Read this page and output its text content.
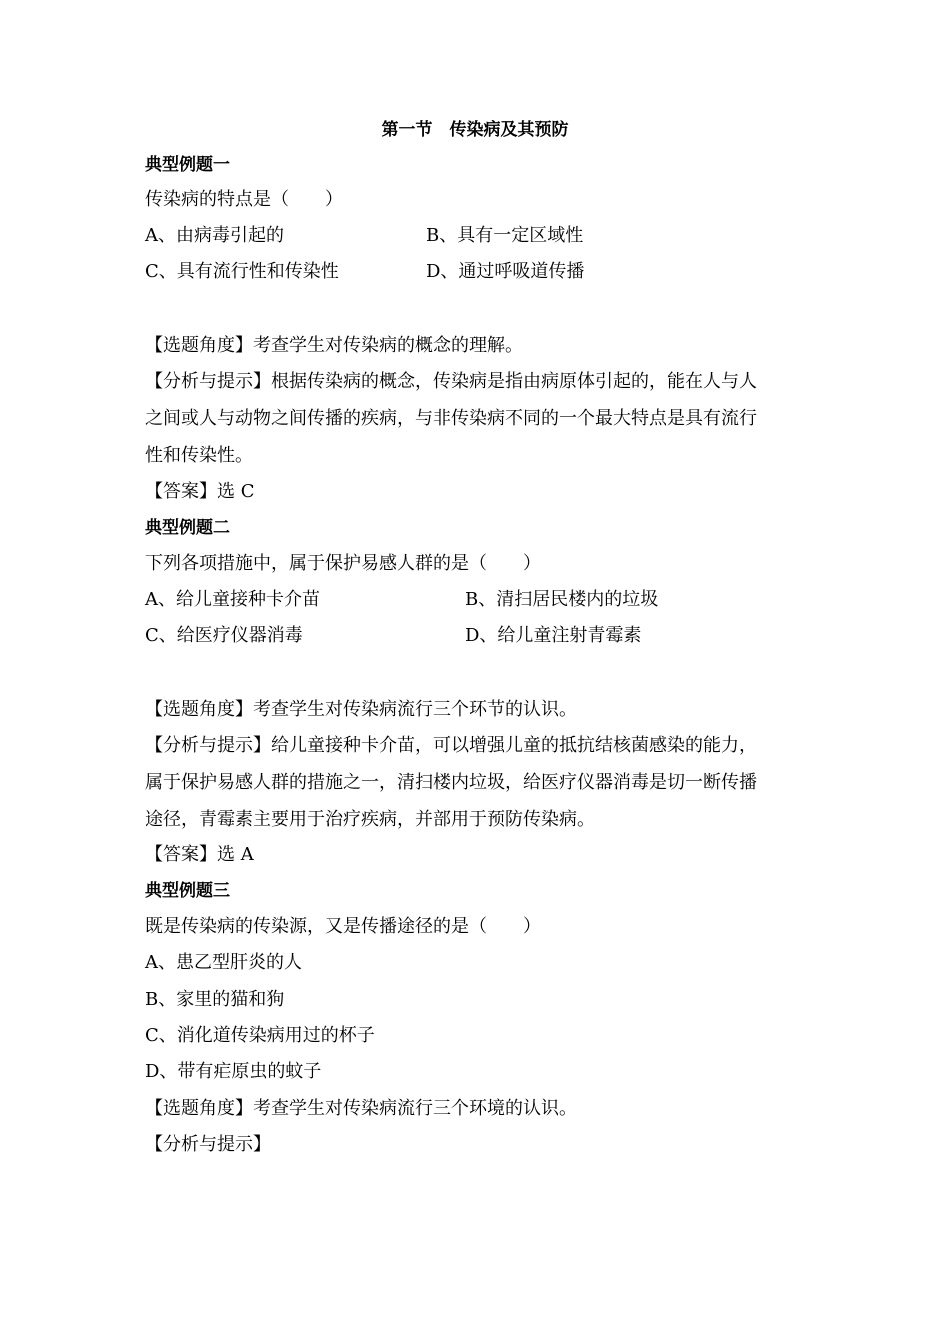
第一节　传染病及其预防
典型例题一
传染病的特点是（　　）
A、由病毒引起的	B、具有一定区域性
C、具有流行性和传染性	D、通过呼吸道传播
【选题角度】考查学生对传染病的概念的理解。
【分析与提示】根据传染病的概念，传染病是指由病原体引起的，能在人与人
之间或人与动物之间传播的疾病，与非传染病不同的一个最大特点是具有流行
性和传染性。
【答案】选 C
典型例题二
下列各项措施中，属于保护易感人群的是（　　）
A、给儿童接种卡介苗	B、清扫居民楼内的垃圾
C、给医疗仪器消毒	D、给儿童注射青霉素
【选题角度】考查学生对传染病流行三个环节的认识。
【分析与提示】给儿童接种卡介苗，可以增强儿童的抵抗结核菌感染的能力，
属于保护易感人群的措施之一，清扫楼内垃圾，给医疗仪器消毒是切一断传播
途径，青霉素主要用于治疗疾病，并部用于预防传染病。
【答案】选 A
典型例题三
既是传染病的传染源，又是传播途径的是（　　）
A、患乙型肝炎的人
B、家里的猫和狗
C、消化道传染病用过的杯子
D、带有疟原虫的蚊子
【选题角度】考查学生对传染病流行三个环境的认识。
【分析与提示】
